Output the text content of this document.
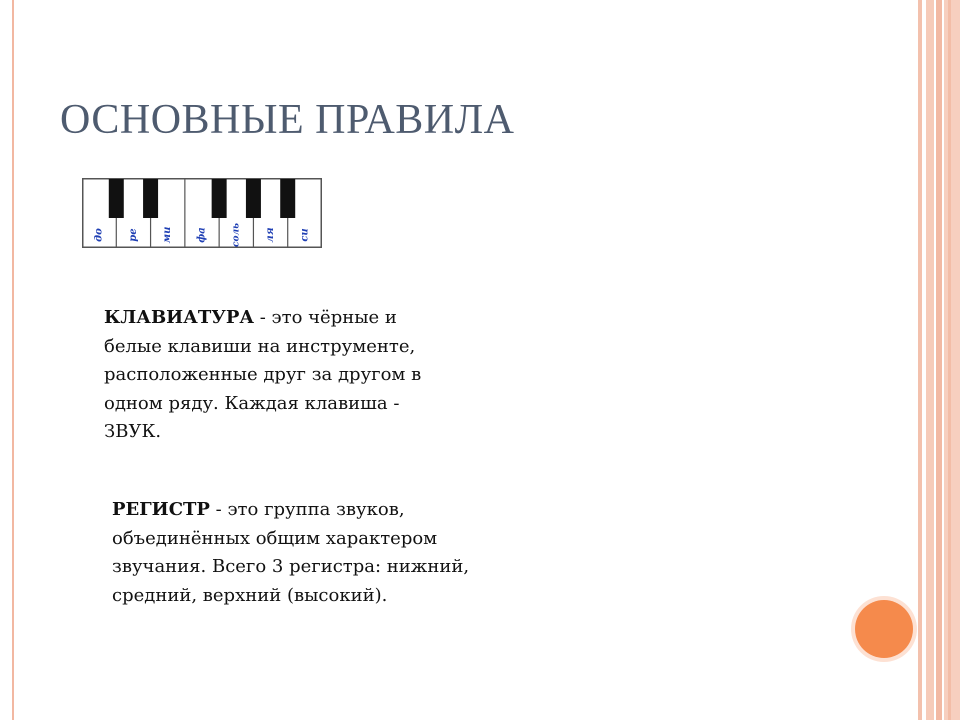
ОСНОВНЫЕ ПРАВИЛА
до ре ми фа	соль ля си

КЛАВИАТУРА - это чёрные и
белые клавиши на инструменте,
расположенные друг за другом в
одном ряду. Каждая клавиша -
ЗВУК.

РЕГИСТР - это группа звуков,
объединённых общим характером
звучания. Всего 3 регистра: нижний,
средний, верхний (высокий).
